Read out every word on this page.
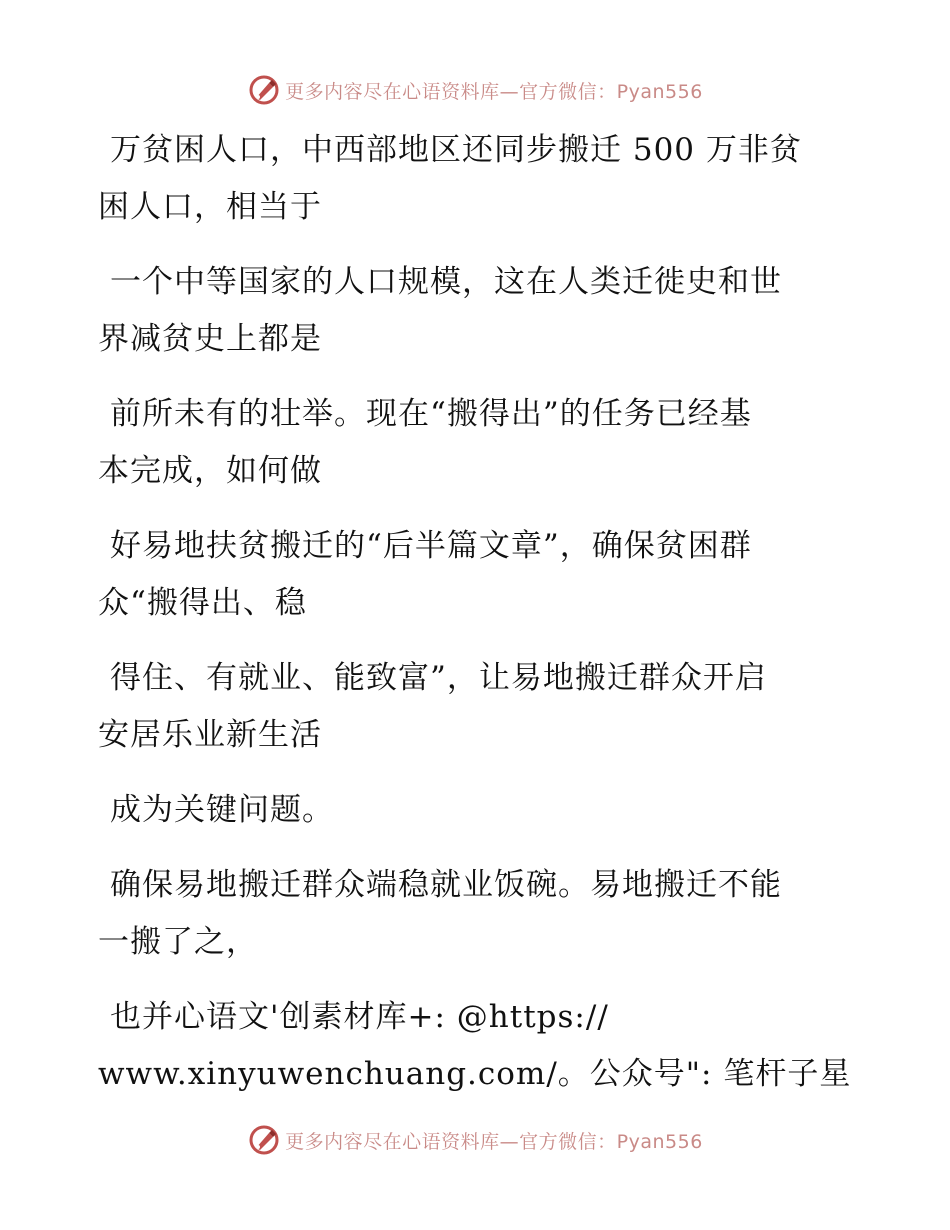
更多内容尽在心语资料库—官方微信：Pyan556

万贫困人口，中西部地区还同步搬迁 500 万非贫
困人口，相当于

一个中等国家的人口规模，这在人类迁徙史和世
界减贫史上都是

前所未有的壮举。现在“搬得出”的任务已经基
本完成，如何做

好易地扶贫搬迁的“后半篇文章”，确保贫困群
众“搬得出、稳

得住、有就业、能致富”，让易地搬迁群众开启
安居乐业新生活

成为关键问题。

确保易地搬迁群众端稳就业饭碗。易地搬迁不能
一搬了之，

也并心语文'创素材库+: @https://
www.xinyuwenchuang.com/。公众号": 笔杆子星

更多内容尽在心语资料库—官方微信：Pyan556
